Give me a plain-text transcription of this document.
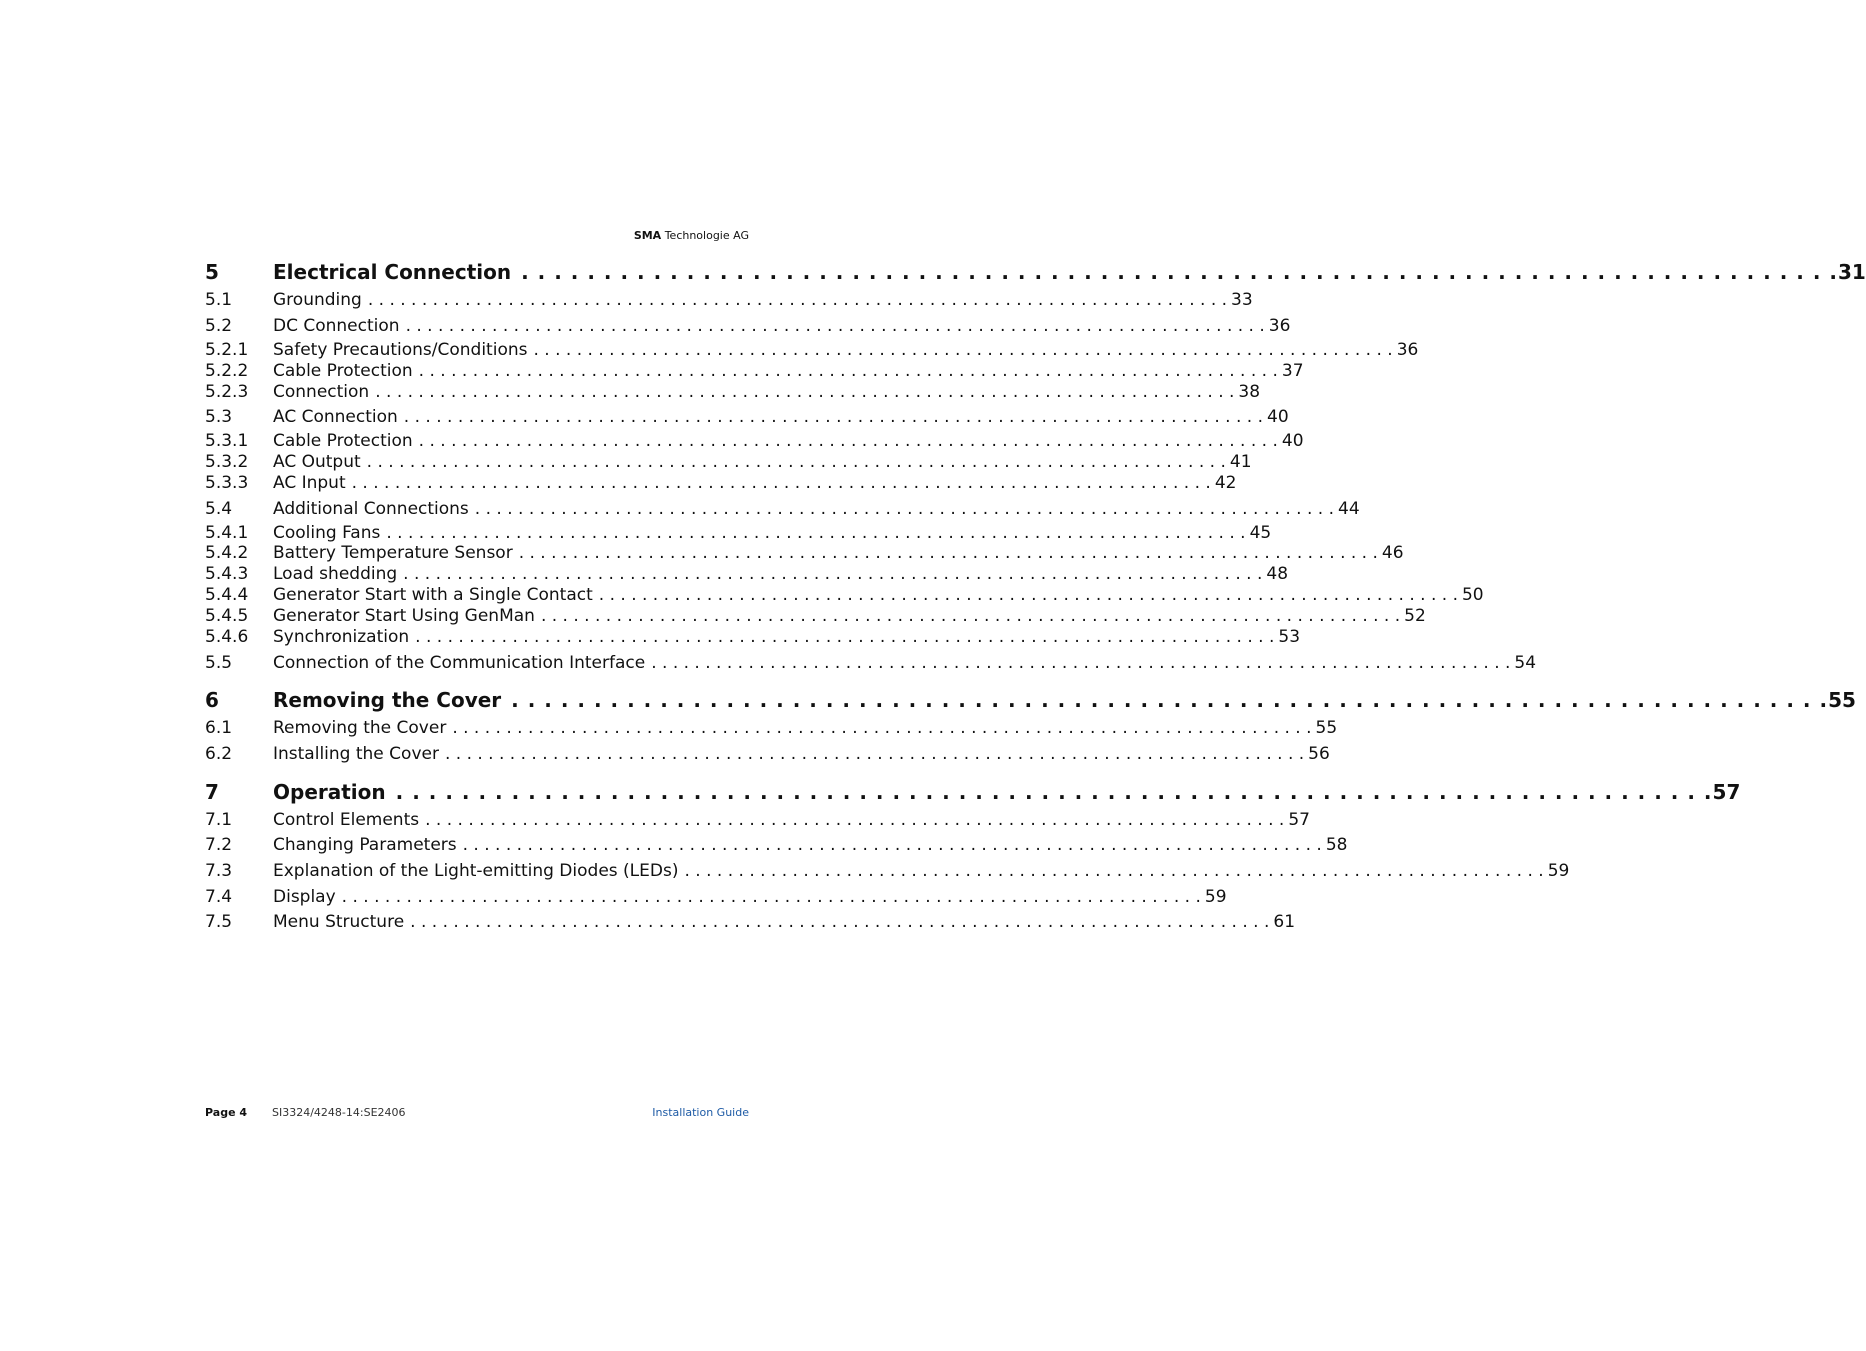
SMA Technologie AG
5	Electrical Connection . . . . . . . . . . . . . . . . . . . . . . . . . . . . . . . . . . . . . . . . . . . . . . . . . . . . . . . . . . . . . . . . . . . . . . . . . . . . . . . . 31
5.1	Grounding . . . . . . . . . . . . . . . . . . . . . . . . . . . . . . . . . . . . . . . . . . . . . . . . . . . . . . . . . . . . . . . . . . . . . . . . . . . . . . . . 33
5.2	DC Connection . . . . . . . . . . . . . . . . . . . . . . . . . . . . . . . . . . . . . . . . . . . . . . . . . . . . . . . . . . . . . . . . . . . . . . . . . . . . . . . . 36
5.2.1	Safety Precautions/Conditions . . . . . . . . . . . . . . . . . . . . . . . . . . . . . . . . . . . . . . . . . . . . . . . . . . . . . . . . . . . . . . . . . . . . . . . . . . . . . . . . 36
5.2.2	Cable Protection . . . . . . . . . . . . . . . . . . . . . . . . . . . . . . . . . . . . . . . . . . . . . . . . . . . . . . . . . . . . . . . . . . . . . . . . . . . . . . . . 37
5.2.3	Connection . . . . . . . . . . . . . . . . . . . . . . . . . . . . . . . . . . . . . . . . . . . . . . . . . . . . . . . . . . . . . . . . . . . . . . . . . . . . . . . . 38
5.3	AC Connection . . . . . . . . . . . . . . . . . . . . . . . . . . . . . . . . . . . . . . . . . . . . . . . . . . . . . . . . . . . . . . . . . . . . . . . . . . . . . . . . 40
5.3.1	Cable Protection . . . . . . . . . . . . . . . . . . . . . . . . . . . . . . . . . . . . . . . . . . . . . . . . . . . . . . . . . . . . . . . . . . . . . . . . . . . . . . . . 40
5.3.2	AC Output . . . . . . . . . . . . . . . . . . . . . . . . . . . . . . . . . . . . . . . . . . . . . . . . . . . . . . . . . . . . . . . . . . . . . . . . . . . . . . . . 41
5.3.3	AC Input . . . . . . . . . . . . . . . . . . . . . . . . . . . . . . . . . . . . . . . . . . . . . . . . . . . . . . . . . . . . . . . . . . . . . . . . . . . . . . . . 42
5.4	Additional Connections . . . . . . . . . . . . . . . . . . . . . . . . . . . . . . . . . . . . . . . . . . . . . . . . . . . . . . . . . . . . . . . . . . . . . . . . . . . . . . . . 44
5.4.1	Cooling Fans . . . . . . . . . . . . . . . . . . . . . . . . . . . . . . . . . . . . . . . . . . . . . . . . . . . . . . . . . . . . . . . . . . . . . . . . . . . . . . . . 45
5.4.2	Battery Temperature Sensor . . . . . . . . . . . . . . . . . . . . . . . . . . . . . . . . . . . . . . . . . . . . . . . . . . . . . . . . . . . . . . . . . . . . . . . . . . . . . . . . 46
5.4.3	Load shedding . . . . . . . . . . . . . . . . . . . . . . . . . . . . . . . . . . . . . . . . . . . . . . . . . . . . . . . . . . . . . . . . . . . . . . . . . . . . . . . . 48
5.4.4	Generator Start with a Single Contact . . . . . . . . . . . . . . . . . . . . . . . . . . . . . . . . . . . . . . . . . . . . . . . . . . . . . . . . . . . . . . . . . . . . . . . . . . . . . . . . 50
5.4.5	Generator Start Using GenMan . . . . . . . . . . . . . . . . . . . . . . . . . . . . . . . . . . . . . . . . . . . . . . . . . . . . . . . . . . . . . . . . . . . . . . . . . . . . . . . . 52
5.4.6	Synchronization . . . . . . . . . . . . . . . . . . . . . . . . . . . . . . . . . . . . . . . . . . . . . . . . . . . . . . . . . . . . . . . . . . . . . . . . . . . . . . . . 53
5.5	Connection of the Communication Interface . . . . . . . . . . . . . . . . . . . . . . . . . . . . . . . . . . . . . . . . . . . . . . . . . . . . . . . . . . . . . . . . . . . . . . . . . . . . . . . . 54
6	Removing the Cover . . . . . . . . . . . . . . . . . . . . . . . . . . . . . . . . . . . . . . . . . . . . . . . . . . . . . . . . . . . . . . . . . . . . . . . . . . . . . . . . 55
6.1	Removing the Cover . . . . . . . . . . . . . . . . . . . . . . . . . . . . . . . . . . . . . . . . . . . . . . . . . . . . . . . . . . . . . . . . . . . . . . . . . . . . . . . . 55
6.2	Installing the Cover . . . . . . . . . . . . . . . . . . . . . . . . . . . . . . . . . . . . . . . . . . . . . . . . . . . . . . . . . . . . . . . . . . . . . . . . . . . . . . . . 56
7	Operation . . . . . . . . . . . . . . . . . . . . . . . . . . . . . . . . . . . . . . . . . . . . . . . . . . . . . . . . . . . . . . . . . . . . . . . . . . . . . . . . 57
7.1	Control Elements . . . . . . . . . . . . . . . . . . . . . . . . . . . . . . . . . . . . . . . . . . . . . . . . . . . . . . . . . . . . . . . . . . . . . . . . . . . . . . . . 57
7.2	Changing Parameters . . . . . . . . . . . . . . . . . . . . . . . . . . . . . . . . . . . . . . . . . . . . . . . . . . . . . . . . . . . . . . . . . . . . . . . . . . . . . . . . 58
7.3	Explanation of the Light-emitting Diodes (LEDs) . . . . . . . . . . . . . . . . . . . . . . . . . . . . . . . . . . . . . . . . . . . . . . . . . . . . . . . . . . . . . . . . . . . . . . . . . . . . . . . . 59
7.4	Display . . . . . . . . . . . . . . . . . . . . . . . . . . . . . . . . . . . . . . . . . . . . . . . . . . . . . . . . . . . . . . . . . . . . . . . . . . . . . . . . 59
7.5	Menu Structure . . . . . . . . . . . . . . . . . . . . . . . . . . . . . . . . . . . . . . . . . . . . . . . . . . . . . . . . . . . . . . . . . . . . . . . . . . . . . . . . 61
Page 4 SI3324/4248-14:SE2406	Installation Guide
